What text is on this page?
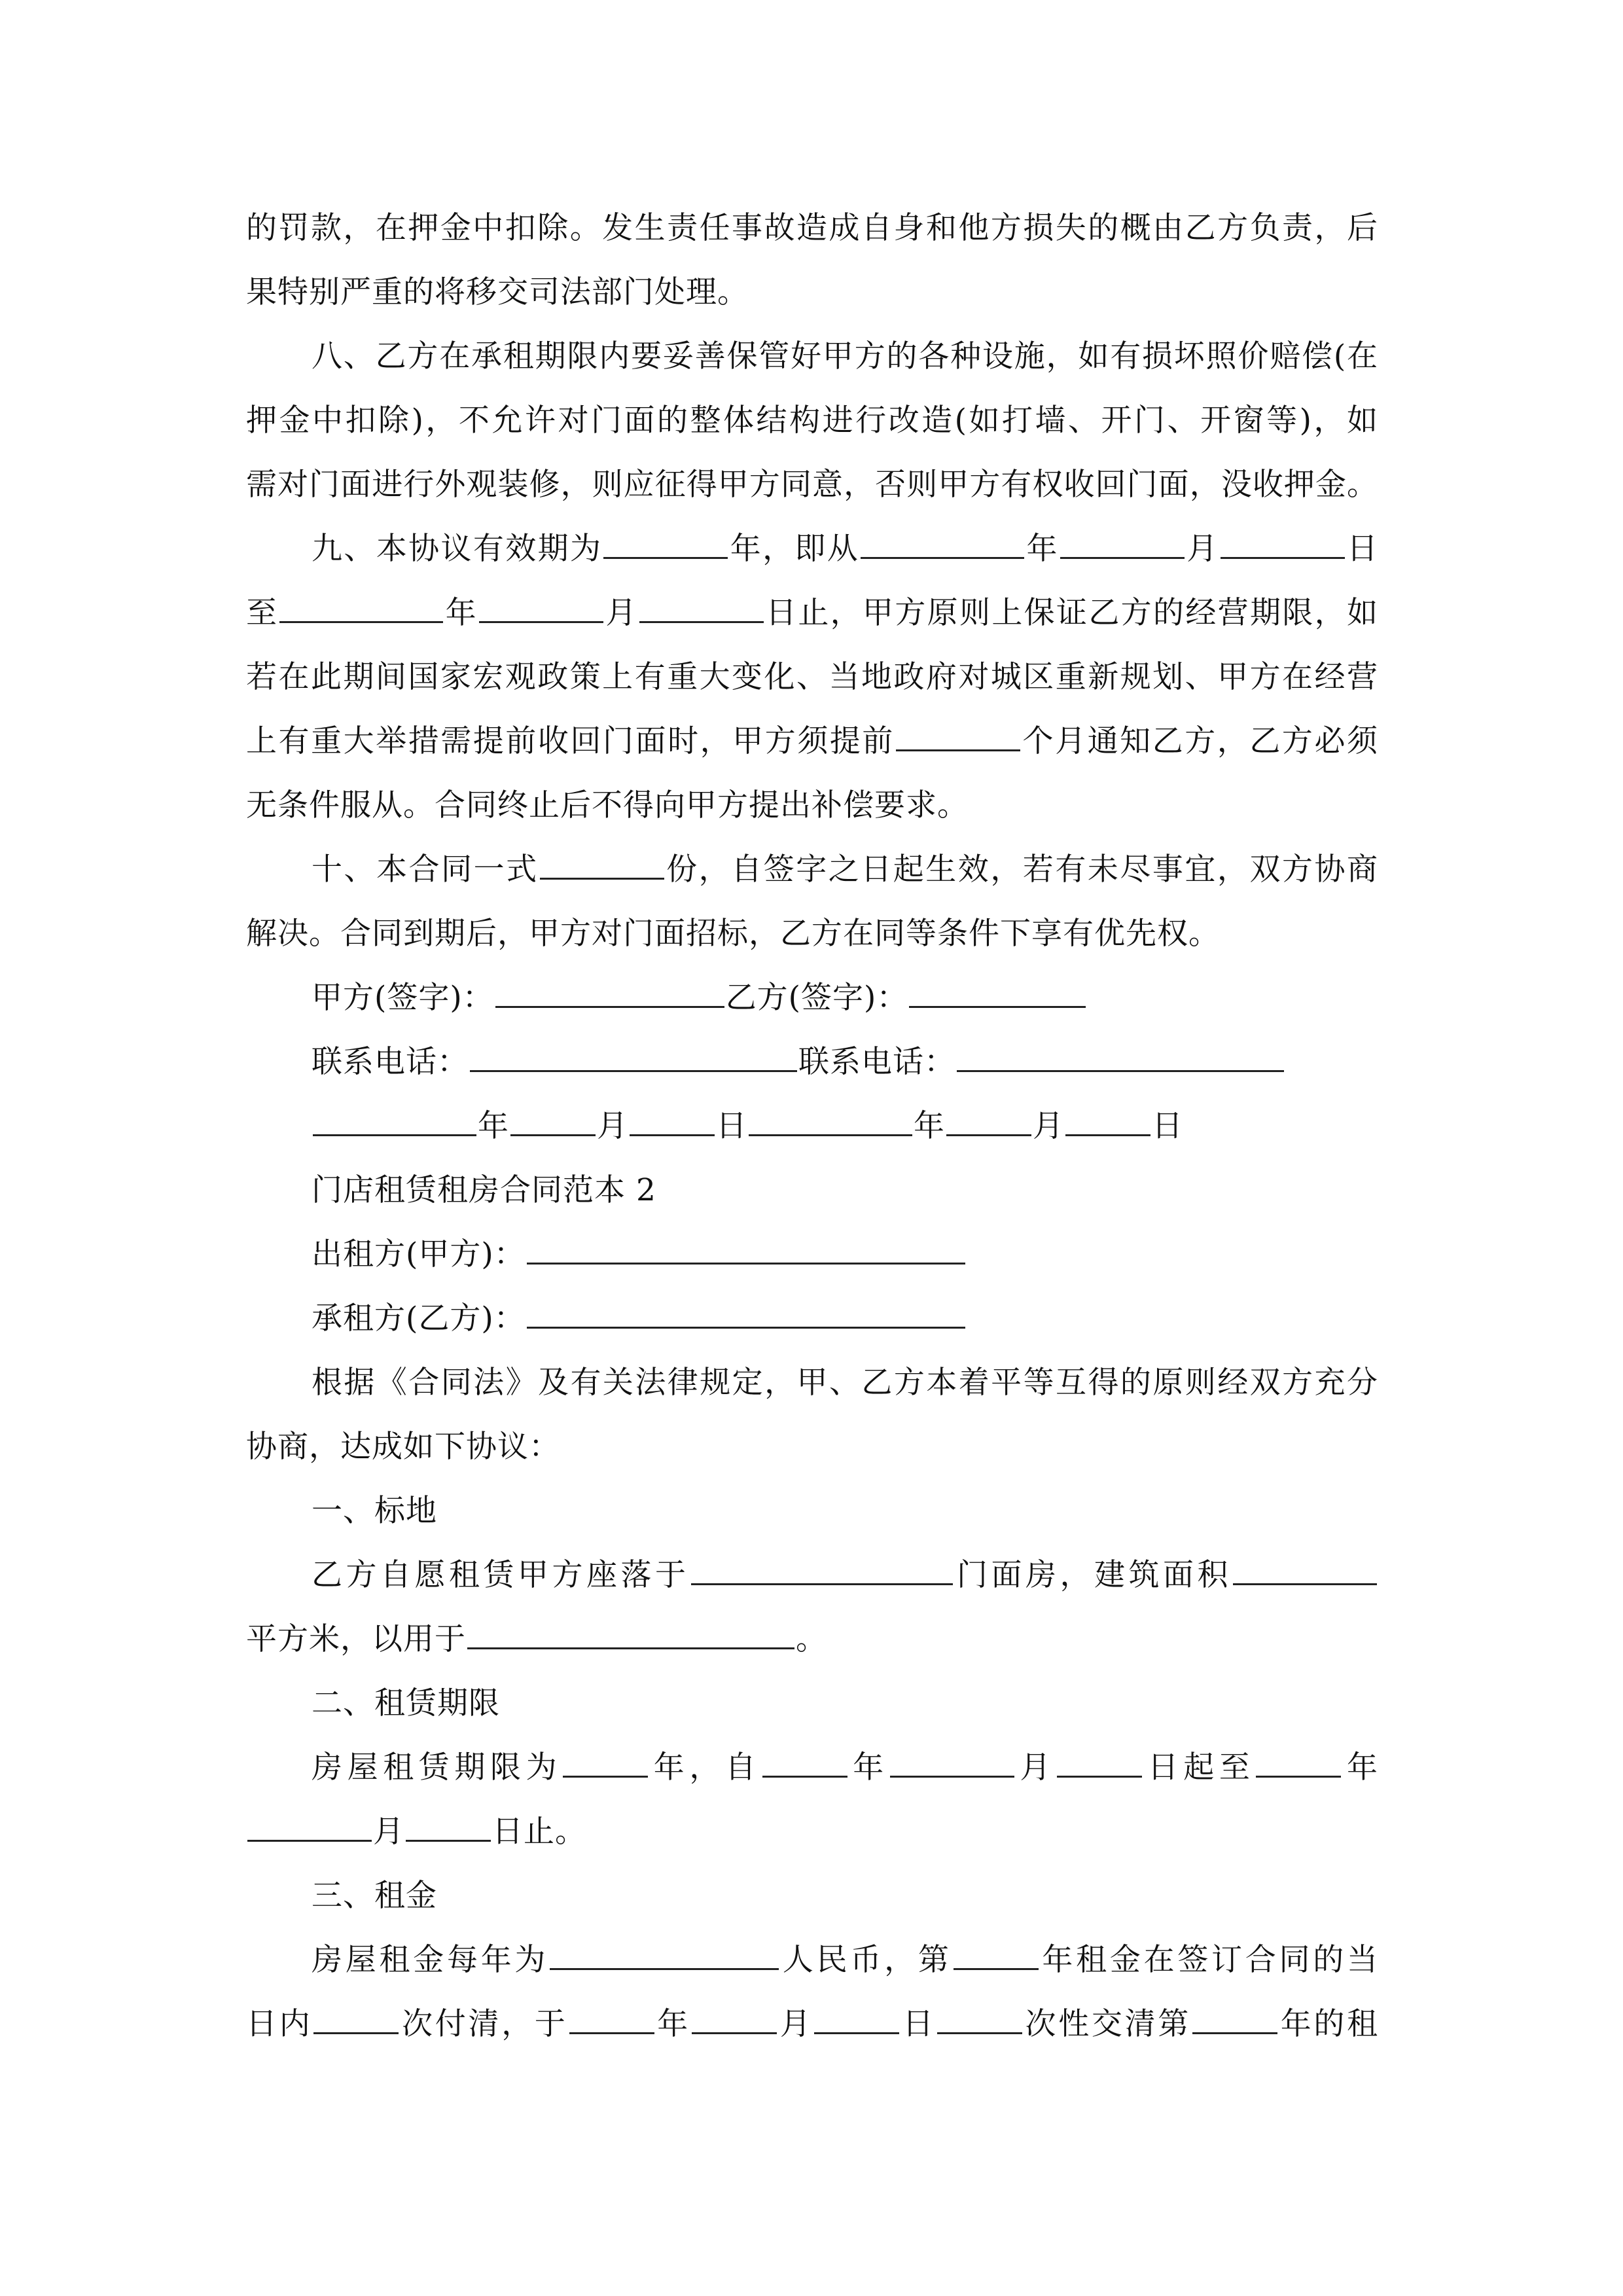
的罚款，在押金中扣除。发生责任事故造成自身和他方损失的概由乙方负责，后
果特别严重的将移交司法部门处理。
八、乙方在承租期限内要妥善保管好甲方的各种设施，如有损坏照价赔偿(在
押金中扣除)，不允许对门面的整体结构进行改造(如打墙、开门、开窗等)，如
需对门面进行外观装修，则应征得甲方同意，否则甲方有权收回门面，没收押金。
九、本协议有效期为	年，即从	年	月	日
至	年	月	日止，甲方原则上保证乙方的经营期限，如
若在此期间国家宏观政策上有重大变化、当地政府对城区重新规划、甲方在经营
上有重大举措需提前收回门面时，甲方须提前	个月通知乙方，乙方必须
无条件服从。合同终止后不得向甲方提出补偿要求。
十、本合同一式	份，自签字之日起生效，若有未尽事宜，双方协商
解决。合同到期后，甲方对门面招标，乙方在同等条件下享有优先权。
甲方(签字)：	乙方(签字)：
联系电话：	联系电话：
年	月	日	年	月	日
门店租赁租房合同范本 2
出租方(甲方)：
承租方(乙方)：
根据《合同法》及有关法律规定，甲、乙方本着平等互得的原则经双方充分
协商，达成如下协议：
一、标地
乙方自愿租赁甲方座落于	门面房，建筑面积
平方米，以用于	。
二、租赁期限
房屋租赁期限为	年，自	年	月	日起至	年
月	日止。
三、租金
房屋租金每年为	人民币，第	年租金在签订合同的当
日内	次付清，于	年	月	日	次性交清第	年的租
